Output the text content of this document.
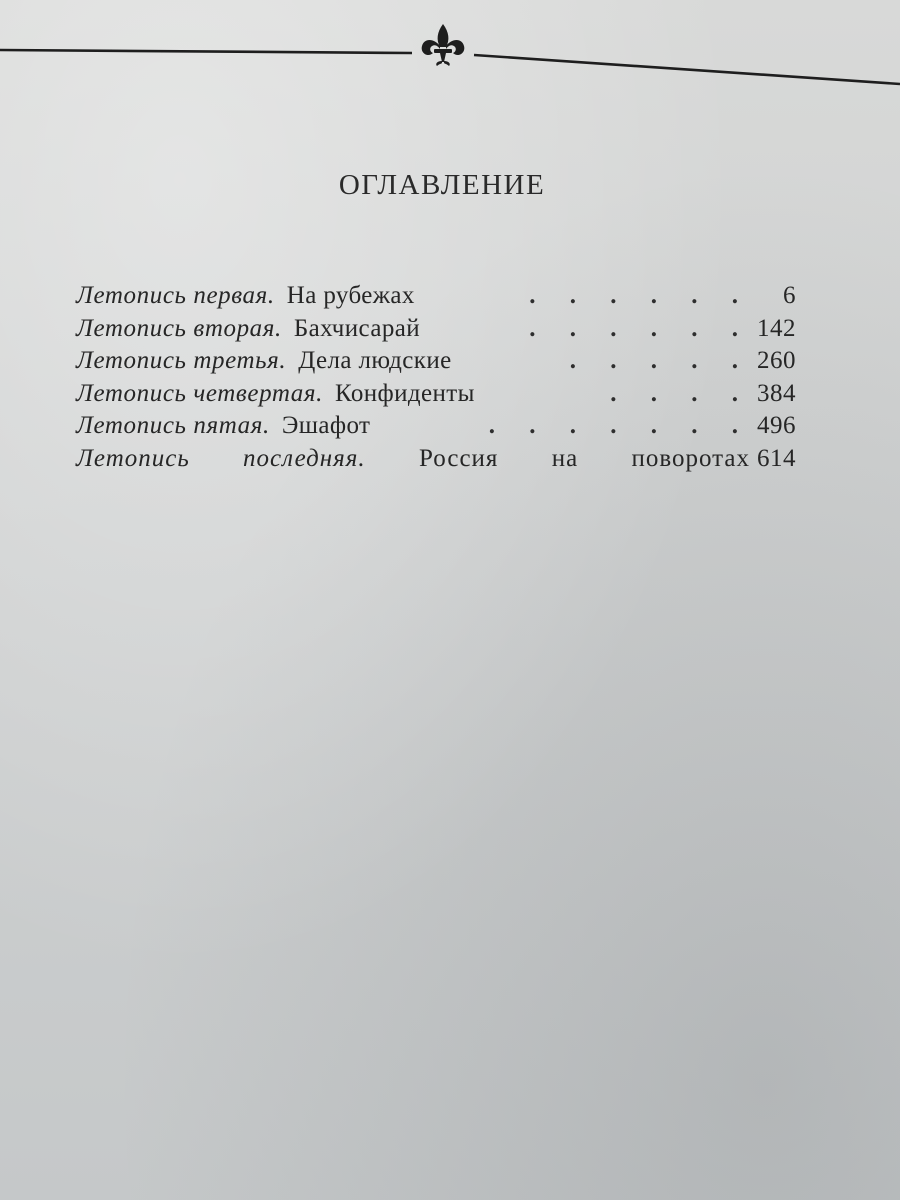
ОГЛАВЛЕНИЕ
Летопись первая. На рубежах	. . . . . .	6
Летопись вторая. Бахчисарай	. . . . . . 142
Летопись третья. Дела людские	. . . . . 260
Летопись четвертая. Конфиденты	. . . . 384
Летопись пятая. Эшафот	. . . . . . . 496
Летопись последняя. Россия на поворотах 614
